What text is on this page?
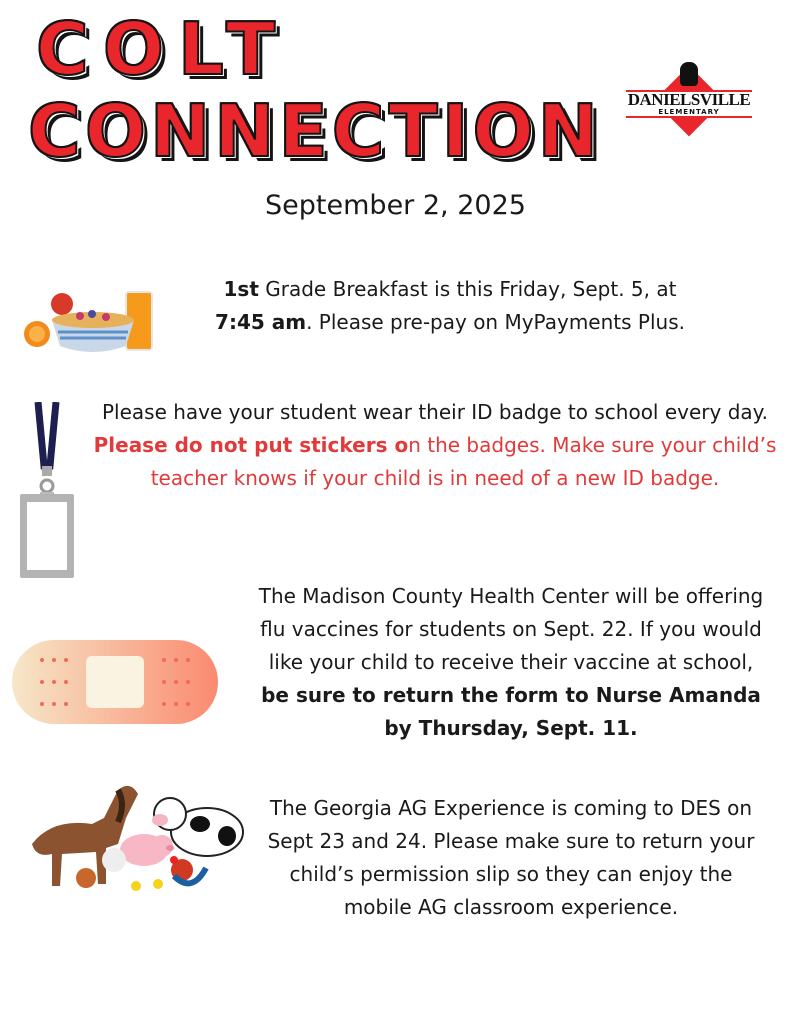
COLT
CONNECTION	DANIELSVILLE
ELEMENTARY
September 2, 2025
1st Grade Breakfast is this Friday, Sept. 5, at
7:45 am. Please pre-pay on MyPayments Plus.
Please have your student wear their ID badge to school every day. Please do not put stickers on the badges. Make sure your child’s teacher knows if your child is in need of a new ID badge.
The Madison County Health Center will be offering flu vaccines for students on Sept. 22. If you would like your child to receive their vaccine at school, be sure to return the form to Nurse Amanda by Thursday, Sept. 11.
The Georgia AG Experience is coming to DES on Sept 23 and 24. Please make sure to return your child’s permission slip so they can enjoy the mobile AG classroom experience.
